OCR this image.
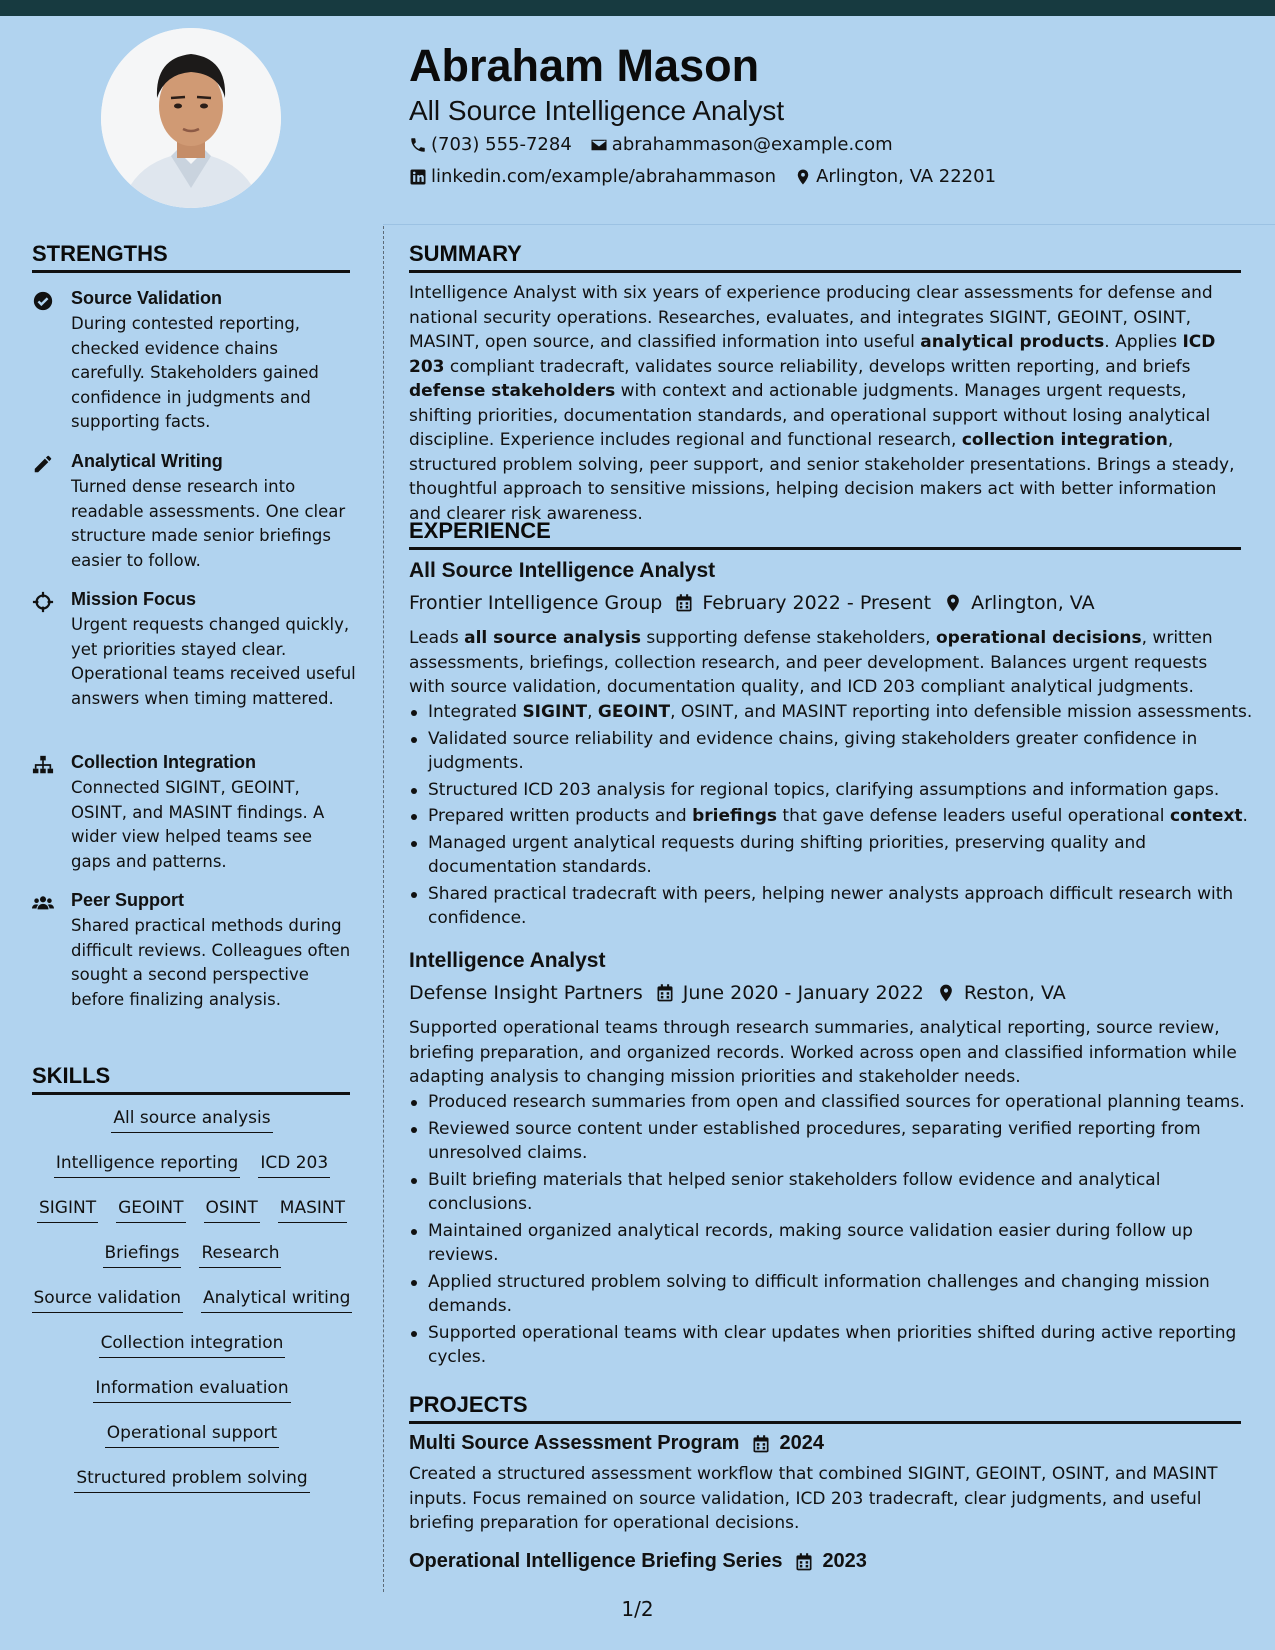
Abraham Mason
All Source Intelligence Analyst
(703) 555-7284 abrahammason@example.com
linkedin.com/example/abrahammason Arlington, VA 22201
STRENGTHS
Source Validation
During contested reporting, checked evidence chains carefully. Stakeholders gained confidence in judgments and supporting facts.
Analytical Writing
Turned dense research into readable assessments. One clear structure made senior briefings easier to follow.
Mission Focus
Urgent requests changed quickly, yet priorities stayed clear. Operational teams received useful answers when timing mattered.
Collection Integration
Connected SIGINT, GEOINT, OSINT, and MASINT findings. A wider view helped teams see gaps and patterns.
Peer Support
Shared practical methods during difficult reviews. Colleagues often sought a second perspective before finalizing analysis.
SKILLS
All source analysis
Intelligence reporting ICD 203
SIGINT GEOINT OSINT MASINT
Briefings Research
Source validation Analytical writing
Collection integration
Information evaluation
Operational support
Structured problem solving
SUMMARY

Intelligence Analyst with six years of experience producing clear assessments for defense and national security operations. Researches, evaluates, and integrates SIGINT, GEOINT, OSINT, MASINT, open source, and classified information into useful analytical products. Applies ICD 203 compliant tradecraft, validates source reliability, develops written reporting, and briefs defense stakeholders with context and actionable judgments. Manages urgent requests, shifting priorities, documentation standards, and operational support without losing analytical discipline. Experience includes regional and functional research, collection integration, structured problem solving, peer support, and senior stakeholder presentations. Brings a steady, thoughtful approach to sensitive missions, helping decision makers act with better information and clearer risk awareness.

EXPERIENCE
All Source Intelligence Analyst
Frontier Intelligence Group February 2022 - Present Arlington, VA

Leads all source analysis supporting defense stakeholders, operational decisions, written assessments, briefings, collection research, and peer development. Balances urgent requests with source validation, documentation quality, and ICD 203 compliant analytical judgments.

Integrated SIGINT, GEOINT, OSINT, and MASINT reporting into defensible mission assessments.
Validated source reliability and evidence chains, giving stakeholders greater confidence in judgments.
Structured ICD 203 analysis for regional topics, clarifying assumptions and information gaps.
Prepared written products and briefings that gave defense leaders useful operational context.
Managed urgent analytical requests during shifting priorities, preserving quality and documentation standards.
Shared practical tradecraft with peers, helping newer analysts approach difficult research with confidence.
Intelligence Analyst
Defense Insight Partners June 2020 - January 2022 Reston, VA

Supported operational teams through research summaries, analytical reporting, source review, briefing preparation, and organized records. Worked across open and classified information while adapting analysis to changing mission priorities and stakeholder needs.

Produced research summaries from open and classified sources for operational planning teams.
Reviewed source content under established procedures, separating verified reporting from unresolved claims.
Built briefing materials that helped senior stakeholders follow evidence and analytical conclusions.
Maintained organized analytical records, making source validation easier during follow up reviews.
Applied structured problem solving to difficult information challenges and changing mission demands.
Supported operational teams with clear updates when priorities shifted during active reporting cycles.
PROJECTS
Multi Source Assessment Program 2024

Created a structured assessment workflow that combined SIGINT, GEOINT, OSINT, and MASINT inputs. Focus remained on source validation, ICD 203 tradecraft, clear judgments, and useful briefing preparation for operational decisions.

Operational Intelligence Briefing Series 2023
1/2
